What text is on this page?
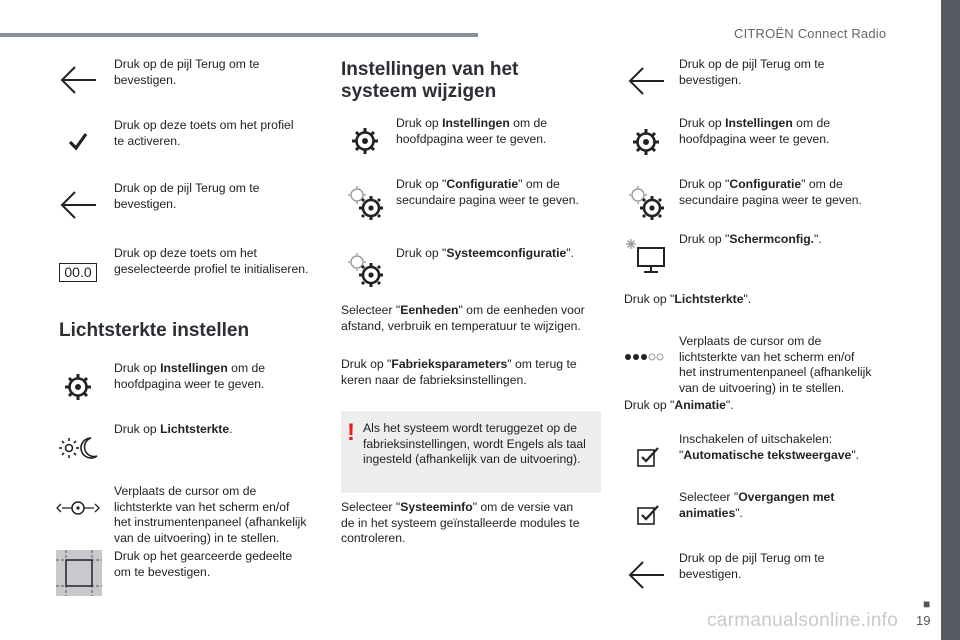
CITROËN Connect Radio
Druk op de pijl Terug om te bevestigen.
Druk op deze toets om het profiel te activeren.
Druk op de pijl Terug om te bevestigen.
00.0
Druk op deze toets om het geselecteerde profiel te initialiseren.
Lichtsterkte instellen
Druk op Instellingen om de hoofdpagina weer te geven.
Druk op Lichtsterkte.
Verplaats de cursor om de lichtsterkte van het scherm en/of het instrumentenpaneel (afhankelijk van de uitvoering) in te stellen.
Druk op het gearceerde gedeelte om te bevestigen.
Instellingen van het systeem wijzigen
Druk op Instellingen om de hoofdpagina weer te geven.
Druk op "Configuratie" om de secundaire pagina weer te geven.
Druk op "Systeemconfiguratie".
Selecteer "Eenheden" om de eenheden voor afstand, verbruik en temperatuur te wijzigen.
Druk op "Fabrieksparameters" om terug te keren naar de fabrieksinstellingen.
! Als het systeem wordt teruggezet op de fabrieksinstellingen, wordt Engels als taal ingesteld (afhankelijk van de uitvoering).
Selecteer "Systeeminfo" om de versie van de in het systeem geïnstalleerde modules te controleren.
Druk op de pijl Terug om te bevestigen.
Druk op Instellingen om de hoofdpagina weer te geven.
Druk op "Configuratie" om de secundaire pagina weer te geven.
Druk op "Schermconfig.".
Druk op "Lichtsterkte".
Verplaats de cursor om de lichtsterkte van het scherm en/of het instrumentenpaneel (afhankelijk van de uitvoering) in te stellen.
Druk op "Animatie".
Inschakelen of uitschakelen: "Automatische tekstweergave".
Selecteer "Overgangen met animaties".
Druk op de pijl Terug om te bevestigen.
■
19
carmanualsonline.info
